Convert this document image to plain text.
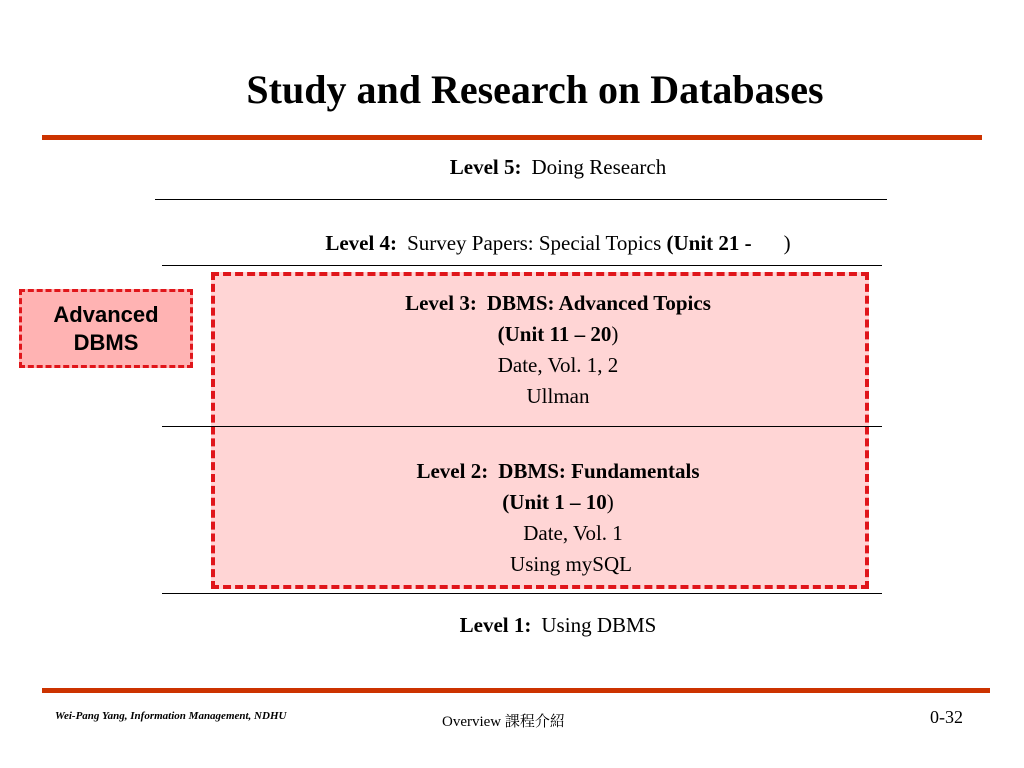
Study and Research on Databases
Level 5: Doing Research
Level 4: Survey Papers: Special Topics (Unit 21 - )
Level 3: DBMS: Advanced Topics
(Unit 11 – 20)
Date, Vol. 1, 2
Ullman
Level 2: DBMS: Fundamentals
(Unit 1 – 10)
Date, Vol. 1
Using mySQL
Level 1: Using DBMS
Advanced
DBMS
Wei-Pang Yang, Information Management, NDHU	Overview 課程介紹	0-32
